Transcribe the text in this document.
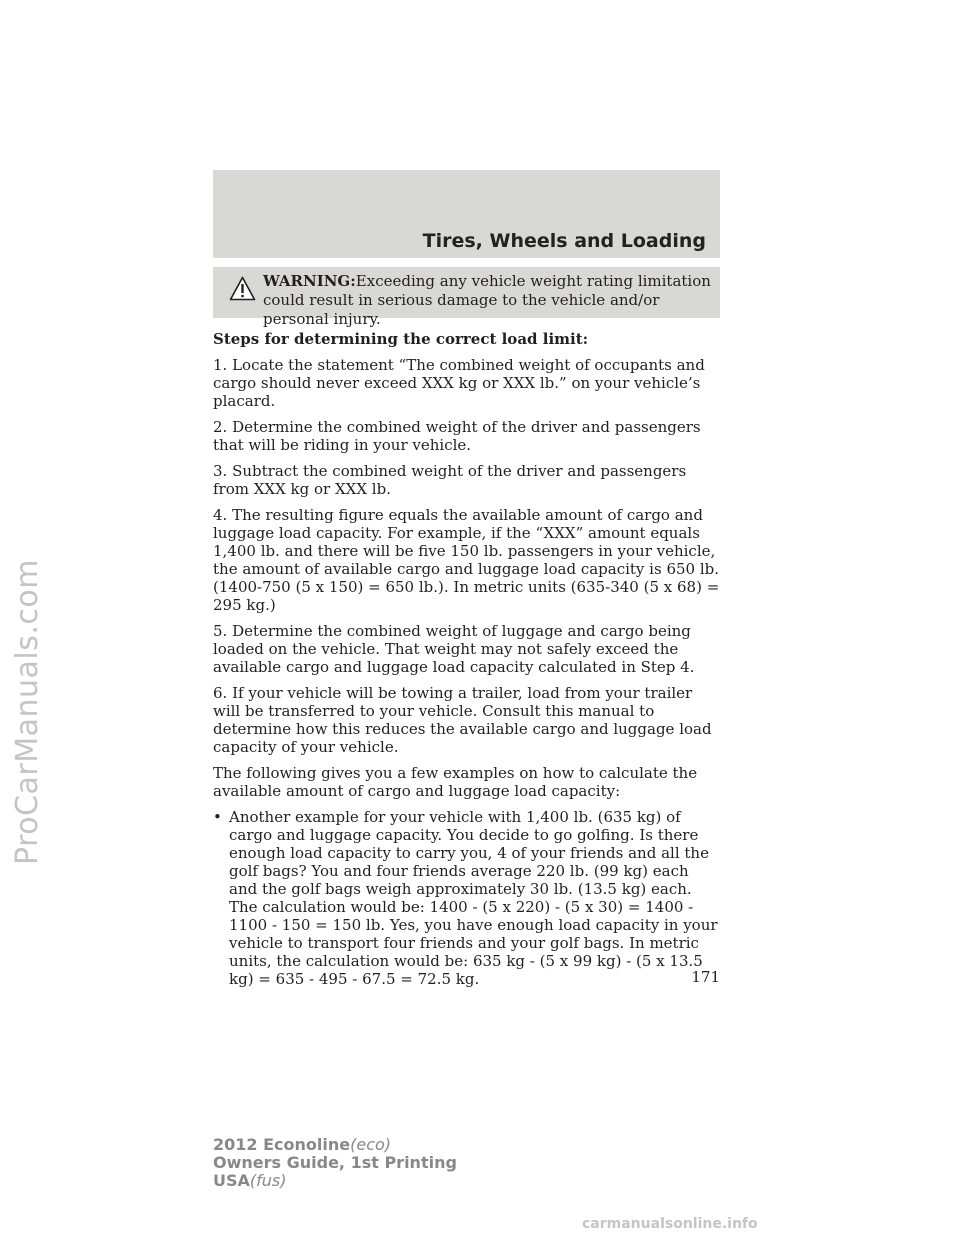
Tires, Wheels and Loading
WARNING:Exceeding any vehicle weight rating limitation could result in serious damage to the vehicle and/or personal injury.

Steps for determining the correct load limit:

1. Locate the statement “The combined weight of occupants and cargo should never exceed XXX kg or XXX lb.” on your vehicle’s placard.

2. Determine the combined weight of the driver and passengers that will be riding in your vehicle.

3. Subtract the combined weight of the driver and passengers from XXX kg or XXX lb.

4. The resulting figure equals the available amount of cargo and luggage load capacity. For example, if the “XXX” amount equals 1,400 lb. and there will be five 150 lb. passengers in your vehicle, the amount of available cargo and luggage load capacity is 650 lb. (1400-750 (5 x 150) = 650 lb.). In metric units (635-340 (5 x 68) = 295 kg.)

5. Determine the combined weight of luggage and cargo being loaded on the vehicle. That weight may not safely exceed the available cargo and luggage load capacity calculated in Step 4.

6. If your vehicle will be towing a trailer, load from your trailer will be transferred to your vehicle. Consult this manual to determine how this reduces the available cargo and luggage load capacity of your vehicle.

The following gives you a few examples on how to calculate the available amount of cargo and luggage load capacity:

• Another example for your vehicle with 1,400 lb. (635 kg) of cargo and luggage capacity. You decide to go golfing. Is there enough load capacity to carry you, 4 of your friends and all the golf bags? You and four friends average 220 lb. (99 kg) each and the golf bags weigh approximately 30 lb. (13.5 kg) each. The calculation would be: 1400 - (5 x 220) - (5 x 30) = 1400 - 1100 - 150 = 150 lb. Yes, you have enough load capacity in your vehicle to transport four friends and your golf bags. In metric units, the calculation would be: 635 kg - (5 x 99 kg) - (5 x 13.5 kg) = 635 - 495 - 67.5 = 72.5 kg.	171
2012 Econoline(eco)
Owners Guide, 1st Printing
USA(fus)
ProCarManuals.com
carmanualsonline.info
